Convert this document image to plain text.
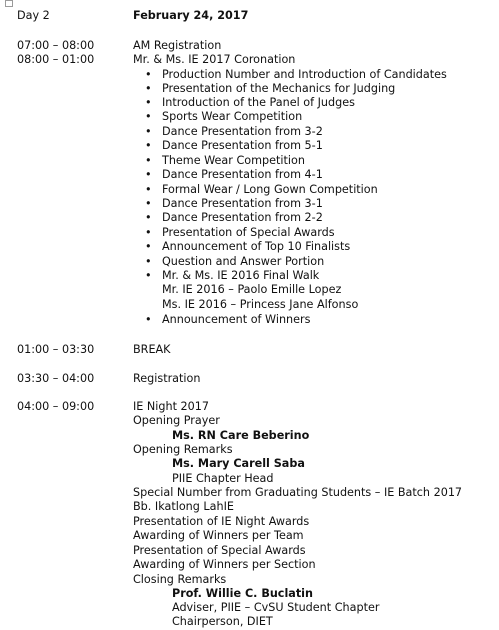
Day 2	February 24, 2017
07:00 – 08:00	AM Registration
08:00 – 01:00	Mr. & Ms. IE 2017 Coronation
• Production Number and Introduction of Candidates
• Presentation of the Mechanics for Judging
• Introduction of the Panel of Judges
• Sports Wear Competition
• Dance Presentation from 3-2
• Dance Presentation from 5-1
• Theme Wear Competition
• Dance Presentation from 4-1
• Formal Wear / Long Gown Competition
• Dance Presentation from 3-1
• Dance Presentation from 2-2
• Presentation of Special Awards
• Announcement of Top 10 Finalists
• Question and Answer Portion
• Mr. & Ms. IE 2016 Final Walk
Mr. IE 2016 – Paolo Emille Lopez
Ms. IE 2016 – Princess Jane Alfonso
• Announcement of Winners
01:00 – 03:30	BREAK
03:30 – 04:00	Registration
04:00 – 09:00	IE Night 2017
Opening Prayer
Ms. RN Care Beberino
Opening Remarks
Ms. Mary Carell Saba
PIIE Chapter Head
Special Number from Graduating Students – IE Batch 2017
Bb. Ikatlong LahIE
Presentation of IE Night Awards
Awarding of Winners per Team
Presentation of Special Awards
Awarding of Winners per Section
Closing Remarks
Prof. Willie C. Buclatin
Adviser, PIIE – CvSU Student Chapter
Chairperson, DIET
